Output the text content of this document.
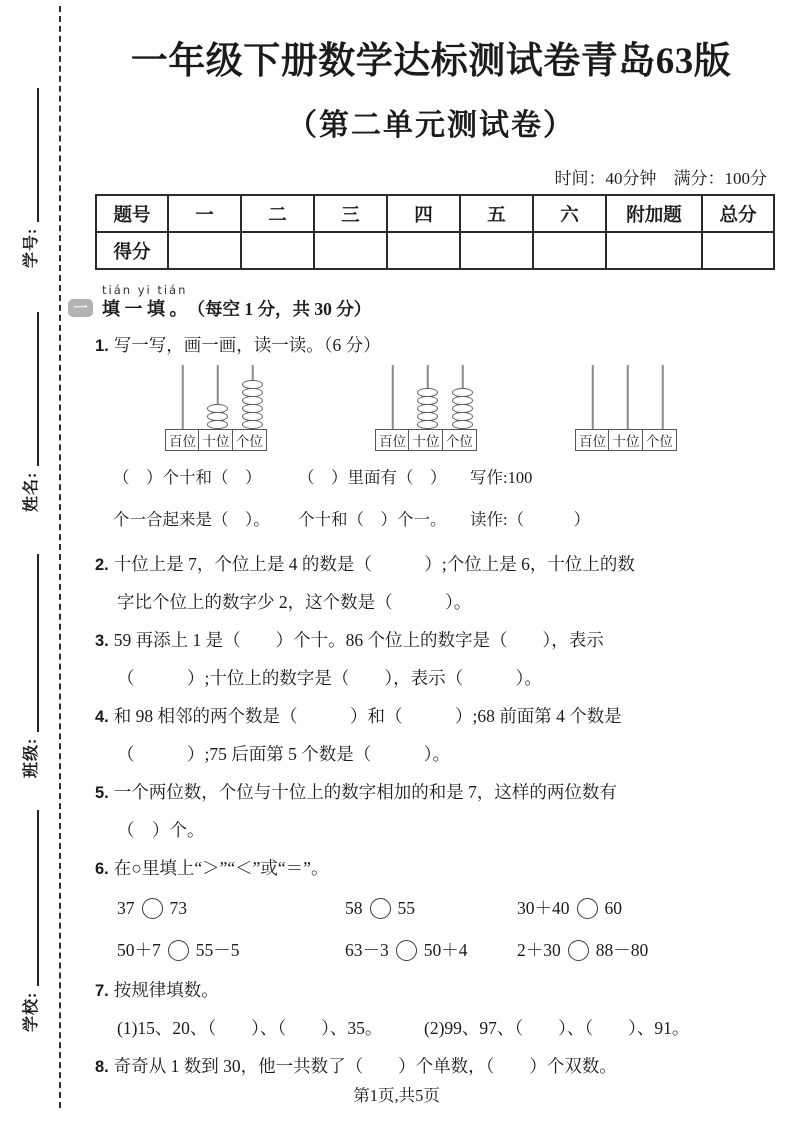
学号:
姓名:
班级:
学校:
一年级下册数学达标测试卷青岛63版
（第二单元测试卷）
时间：40分钟　满分：100分
题号	一	二	三	四	五	六	附加题	总分
得分								
一
tián yi tián
填 一 填 。 （每空 1 分，共 30 分）
1. 写一写，画一画，读一读。（6 分）
百位 十位 个位	百位 十位 个位	百位 十位 个位
（　）个十和（　）	（　）里面有（　）	写作:100
个一合起来是（　）。	个十和（　）个一。	读作:（　　　）
2. 十位上是 7，个位上是 4 的数是（　　　）;个位上是 6，十位上的数
字比个位上的数字少 2，这个数是（　　　）。
3. 59 再添上 1 是（　　）个十。86 个位上的数字是（　　），表示
（　　　）;十位上的数字是（　　），表示（　　　）。
4. 和 98 相邻的两个数是（　　　）和（　　　）;68 前面第 4 个数是
（　　　）;75 后面第 5 个数是（　　　）。
5. 一个两位数，个位与十位上的数字相加的和是 7，这样的两位数有
（　）个。
6. 在○里填上“＞”“＜”或“＝”。
37 73	58 55	30＋40 60
50＋7 55－5	63－3 50＋4	2＋30 88－80
7. 按规律填数。
(1)15、20、（　　）、（　　）、35。	(2)99、97、（　　）、（　　）、91。
8. 奇奇从 1 数到 30，他一共数了（　　）个单数，（　　）个双数。
第1页,共5页
